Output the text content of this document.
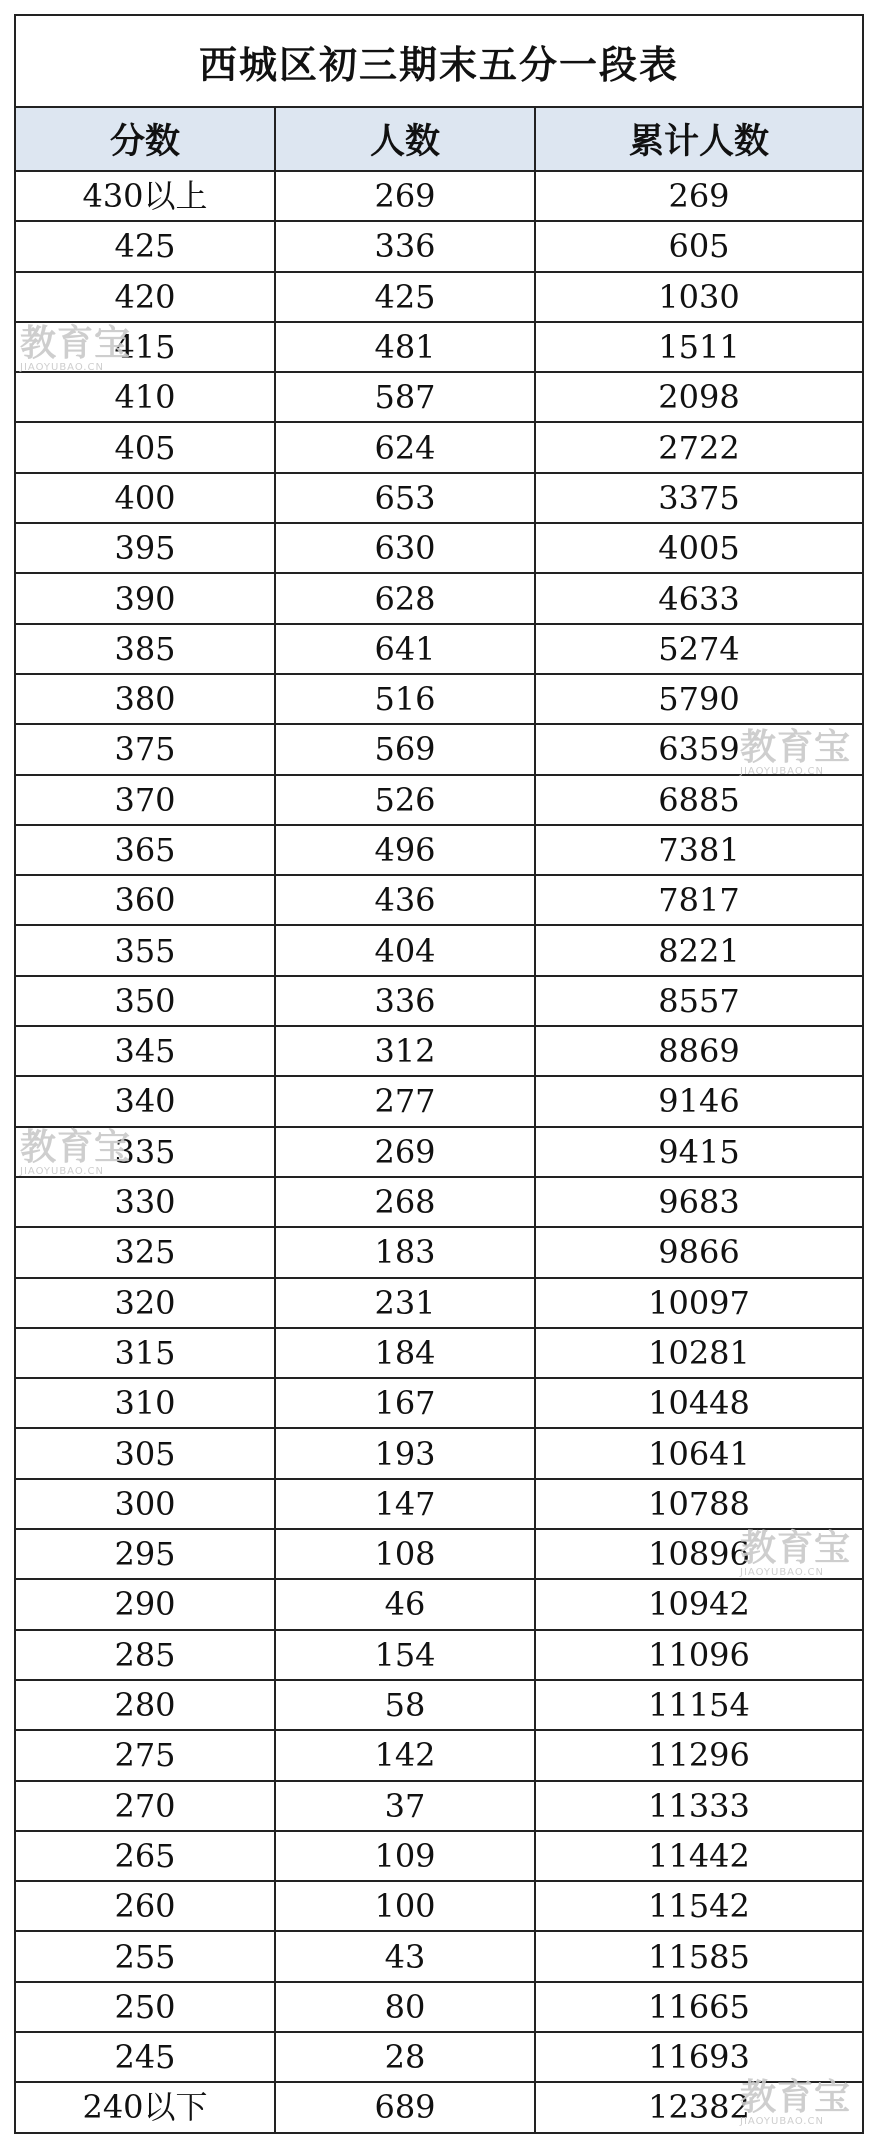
西城区初三期末五分一段表		
分数	人数	累计人数
430以上	269	269
425	336	605
420	425	1030
415	481	1511
410	587	2098
405	624	2722
400	653	3375
395	630	4005
390	628	4633
385	641	5274
380	516	5790
375	569	6359
370	526	6885
365	496	7381
360	436	7817
355	404	8221
350	336	8557
345	312	8869
340	277	9146
335	269	9415
330	268	9683
325	183	9866
320	231	10097
315	184	10281
310	167	10448
305	193	10641
300	147	10788
295	108	10896
290	46	10942
285	154	11096
280	58	11154
275	142	11296
270	37	11333
265	109	11442
260	100	11542
255	43	11585
250	80	11665
245	28	11693
240以下	689	12382
教育宝
JIAOYUBAO.CN
教育宝
JIAOYUBAO.CN
教育宝
JIAOYUBAO.CN
教育宝
JIAOYUBAO.CN
教育宝
JIAOYUBAO.CN
